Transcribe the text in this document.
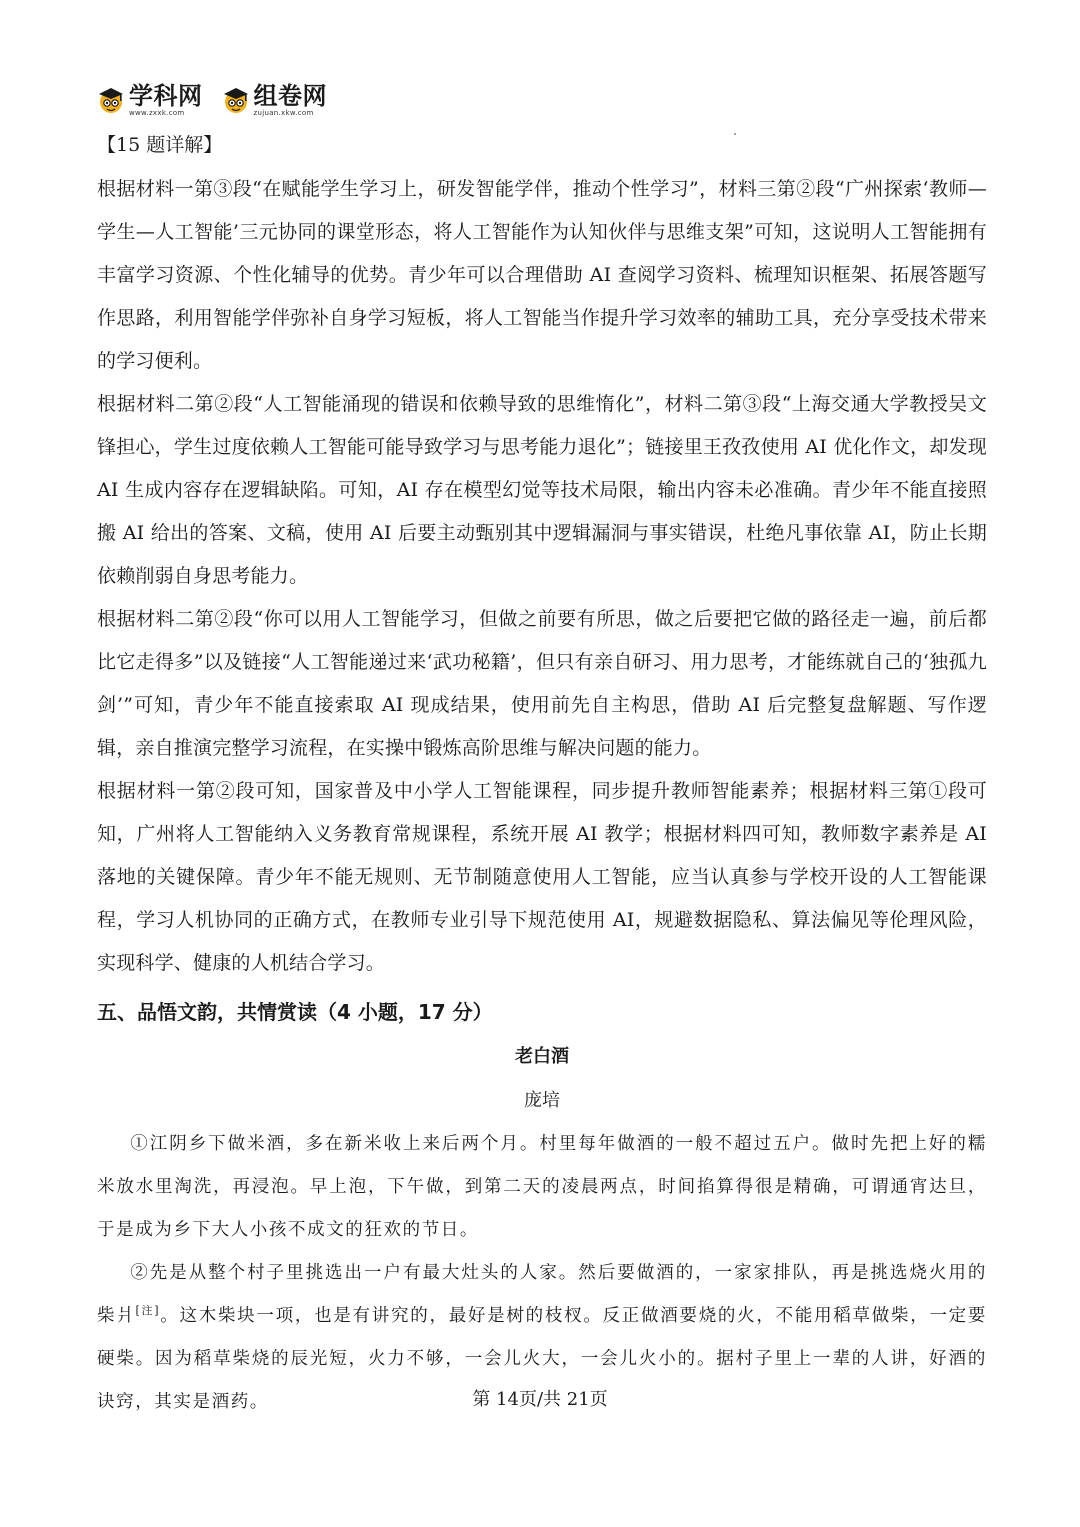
学科网
www.zxxk.com
组卷网
zujuan.xkw.com

【15 题详解】

根据材料一第③段“在赋能学生学习上，研发智能学伴，推动个性学习”，材料三第②段“广州探索‘教师—学生—人工智能’三元协同的课堂形态，将人工智能作为认知伙伴与思维支架”可知，这说明人工智能拥有丰富学习资源、个性化辅导的优势。青少年可以合理借助 AI 查阅学习资料、梳理知识框架、拓展答题写作思路，利用智能学伴弥补自身学习短板，将人工智能当作提升学习效率的辅助工具，充分享受技术带来的学习便利。

根据材料二第②段“人工智能涌现的错误和依赖导致的思维惰化”，材料二第③段“上海交通大学教授吴文锋担心，学生过度依赖人工智能可能导致学习与思考能力退化”；链接里王孜孜使用 AI 优化作文，却发现 AI 生成内容存在逻辑缺陷。可知，AI 存在模型幻觉等技术局限，输出内容未必准确。青少年不能直接照搬 AI 给出的答案、文稿，使用 AI 后要主动甄别其中逻辑漏洞与事实错误，杜绝凡事依靠 AI，防止长期依赖削弱自身思考能力。

根据材料二第②段“你可以用人工智能学习，但做之前要有所思，做之后要把它做的路径走一遍，前后都比它走得多”以及链接“人工智能递过来‘武功秘籍’，但只有亲自研习、用力思考，才能练就自己的‘独孤九剑’”可知，青少年不能直接索取 AI 现成结果，使用前先自主构思，借助 AI 后完整复盘解题、写作逻辑，亲自推演完整学习流程，在实操中锻炼高阶思维与解决问题的能力。

根据材料一第②段可知，国家普及中小学人工智能课程，同步提升教师智能素养；根据材料三第①段可知，广州将人工智能纳入义务教育常规课程，系统开展 AI 教学；根据材料四可知，教师数字素养是 AI 落地的关键保障。青少年不能无规则、无节制随意使用人工智能，应当认真参与学校开设的人工智能课程，学习人机协同的正确方式，在教师专业引导下规范使用 AI，规避数据隐私、算法偏见等伦理风险，实现科学、健康的人机结合学习。

五、品悟文韵，共情赏读（4 小题，17 分）

老白酒

庞培

①江阴乡下做米酒，多在新米收上来后两个月。村里每年做酒的一般不超过五户。做时先把上好的糯米放水里淘洗，再浸泡。早上泡，下午做，到第二天的凌晨两点，时间掐算得很是精确，可谓通宵达旦，于是成为乡下大人小孩不成文的狂欢的节日。

②先是从整个村子里挑选出一户有最大灶头的人家。然后要做酒的，一家家排队，再是挑选烧火用的柴爿[注]。这木柴块一项，也是有讲究的，最好是树的枝杈。反正做酒要烧的火，不能用稻草做柴，一定要硬柴。因为稻草柴烧的辰光短，火力不够，一会儿火大，一会儿火小的。据村子里上一辈的人讲，好酒的诀窍，其实是酒药。	第 14页/共 21页
